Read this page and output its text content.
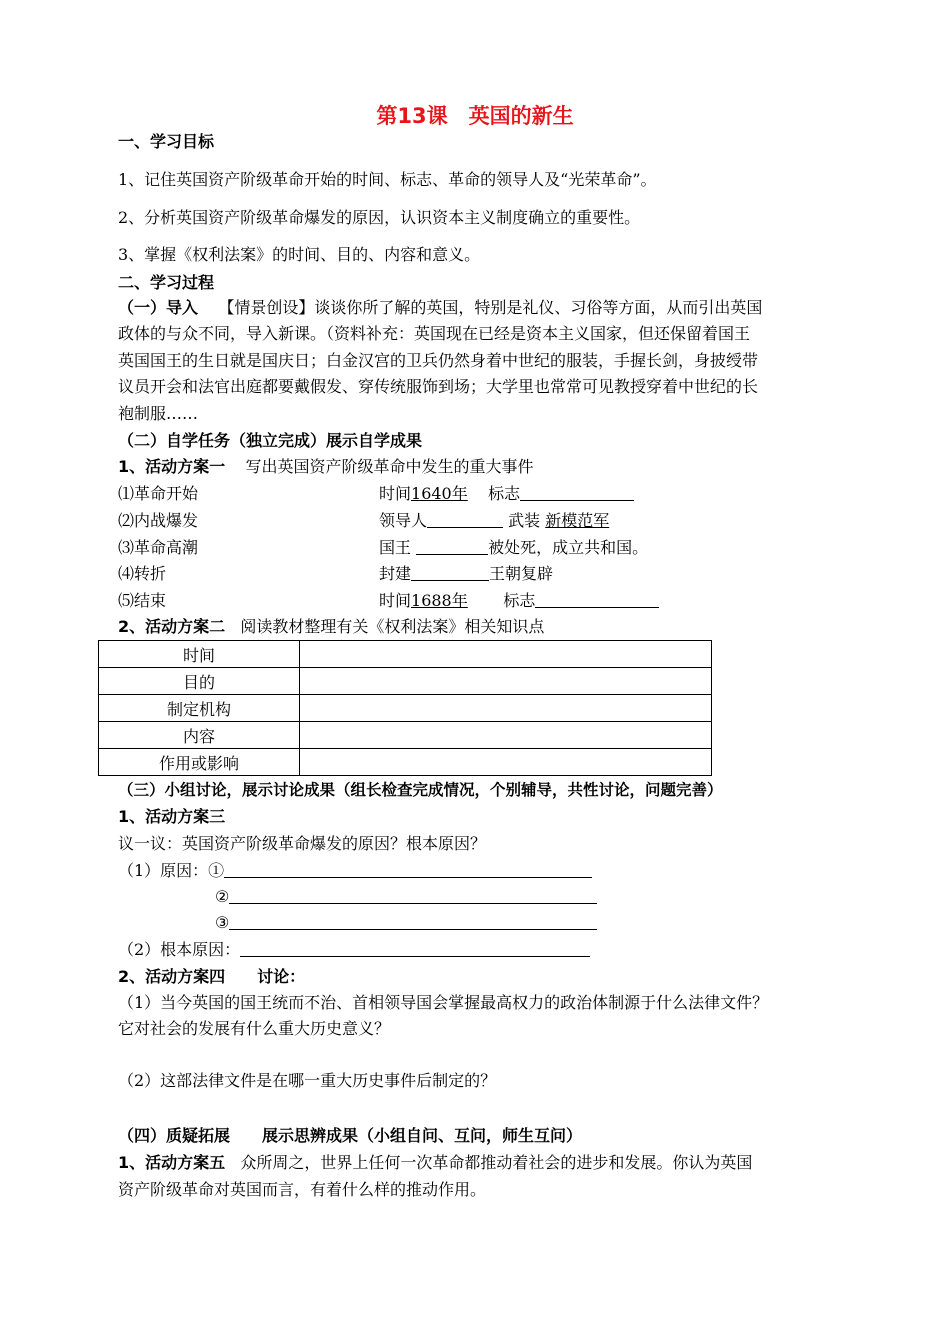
第13课　英国的新生
一、学习目标
1、记住英国资产阶级革命开始的时间、标志、革命的领导人及“光荣革命”。
2、分析英国资产阶级革命爆发的原因，认识资本主义制度确立的重要性。
3、掌握《权利法案》的时间、目的、内容和意义。
二、学习过程
（一）导入 【情景创设】谈谈你所了解的英国，特别是礼仪、习俗等方面，从而引出英国
政体的与众不同，导入新课。（资料补充：英国现在已经是资本主义国家，但还保留着国王
英国国王的生日就是国庆日；白金汉宫的卫兵仍然身着中世纪的服装，手握长剑，身披绶带
议员开会和法官出庭都要戴假发、穿传统服饰到场；大学里也常常可见教授穿着中世纪的长
袍制服……
（二）自学任务（独立完成）展示自学成果
1、活动方案一 写出英国资产阶级革命中发生的重大事件
⑴革命开始	时间1640年 标志
⑵内战爆发	领导人	武装 新模范军
⑶革命高潮	国王	被处死，成立共和国。
⑷转折	封建	王朝复辟
⑸结束	时间1688年 标志
2、活动方案二 阅读教材整理有关《权利法案》相关知识点
时间	
目的	
制定机构	
内容	
作用或影响	
（三）小组讨论，展示讨论成果（组长检查完成情况，个别辅导，共性讨论，问题完善）
1、活动方案三
议一议：英国资产阶级革命爆发的原因？根本原因？
（1）原因：①
②
③
（2）根本原因：
2、活动方案四　　讨论：
（1）当今英国的国王统而不治、首相领导国会掌握最高权力的政治体制源于什么法律文件？
它对社会的发展有什么重大历史意义？
（2）这部法律文件是在哪一重大历史事件后制定的？
（四）质疑拓展　　展示思辨成果（小组自问、互问，师生互问）
1、活动方案五 众所周之，世界上任何一次革命都推动着社会的进步和发展。你认为英国
资产阶级革命对英国而言，有着什么样的推动作用。
